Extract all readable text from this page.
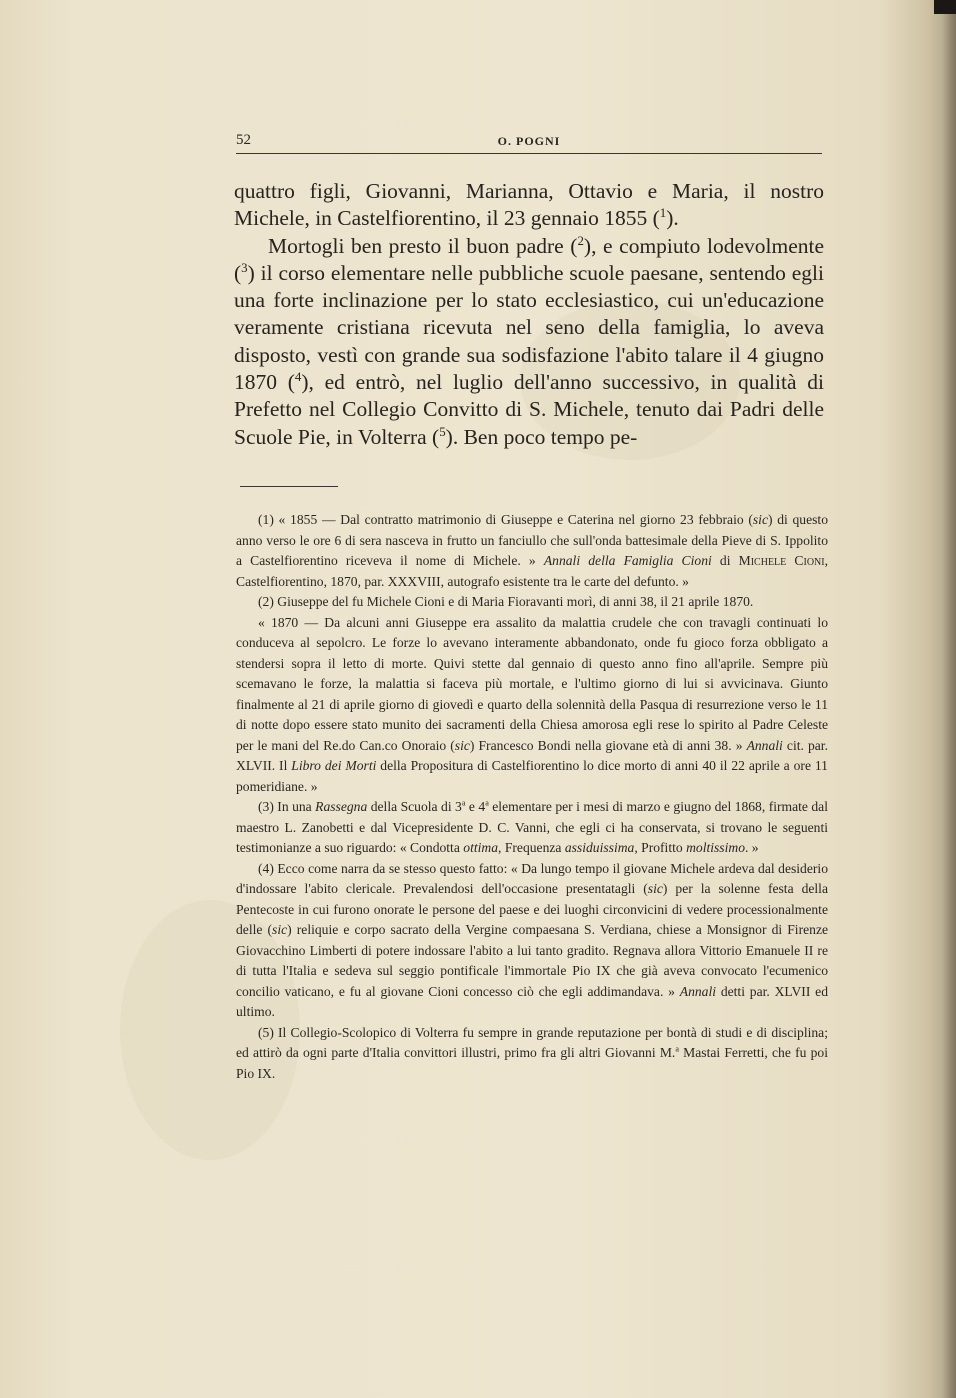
52	O. POGNI

quattro figli, Giovanni, Marianna, Ottavio e Maria, il nostro Michele, in Castelfiorentino, il 23 gennaio 1855 ($^1$).

Mortogli ben presto il buon padre ($^2$), e compiuto lodevolmente ($^3$) il corso elementare nelle pubbliche scuole paesane, sentendo egli una forte inclinazione per lo stato ecclesiastico, cui un'educazione veramente cristiana ricevuta nel seno della famiglia, lo aveva disposto, vestì con grande sua sodisfazione l'abito talare il 4 giugno 1870 ($^4$), ed entrò, nel luglio dell'anno successivo, in qualità di Prefetto nel Collegio Convitto di S. Michele, tenuto dai Padri delle Scuole Pie, in Volterra ($^5$). Ben poco tempo pe-

(1) « 1855 — Dal contratto matrimonio di Giuseppe e Caterina nel giorno 23 febbraio (sic) di questo anno verso le ore 6 di sera nasceva in frutto un fanciullo che sull'onda battesimale della Pieve di S. Ippolito a Castelfiorentino riceveva il nome di Michele. » Annali della Famiglia Cioni di Michele Cioni, Castelfiorentino, 1870, par. XXXVIII, autografo esistente tra le carte del defunto. »

(2) Giuseppe del fu Michele Cioni e di Maria Fioravanti morì, di anni 38, il 21 aprile 1870.

« 1870 — Da alcuni anni Giuseppe era assalito da malattia crudele che con travagli continuati lo conduceva al sepolcro. Le forze lo avevano interamente abbandonato, onde fu gioco forza obbligato a stendersi sopra il letto di morte. Quivi stette dal gennaio di questo anno fino all'aprile. Sempre più scemavano le forze, la malattia si faceva più mortale, e l'ultimo giorno di lui si avvicinava. Giunto finalmente al 21 di aprile giorno di giovedì e quarto della solennità della Pasqua di resurrezione verso le 11 di notte dopo essere stato munito dei sacramenti della Chiesa amorosa egli rese lo spirito al Padre Celeste per le mani del Re.do Can.co Onoraio (sic) Francesco Bondi nella giovane età di anni 38. » Annali cit. par. XLVII. Il Libro dei Morti della Propositura di Castelfiorentino lo dice morto di anni 40 il 22 aprile a ore 11 pomeridiane. »

(3) In una Rassegna della Scuola di 3$^a$ e 4$^a$ elementare per i mesi di marzo e giugno del 1868, firmate dal maestro L. Zanobetti e dal Vicepresidente D. C. Vanni, che egli ci ha conservata, si trovano le seguenti testimonianze a suo riguardo: « Condotta ottima, Frequenza assiduissima, Profitto moltissimo. »

(4) Ecco come narra da se stesso questo fatto: « Da lungo tempo il giovane Michele ardeva dal desiderio d'indossare l'abito clericale. Prevalendosi dell'occasione presentatagli (sic) per la solenne festa della Pentecoste in cui furono onorate le persone del paese e dei luoghi circonvicini di vedere processionalmente delle (sic) reliquie e corpo sacrato della Vergine compaesana S. Verdiana, chiese a Monsignor di Firenze Giovacchino Limberti di potere indossare l'abito a lui tanto gradito. Regnava allora Vittorio Emanuele II re di tutta l'Italia e sedeva sul seggio pontificale l'immortale Pio IX che già aveva convocato l'ecumenico concilio vaticano, e fu al giovane Cioni concesso ciò che egli addimandava. » Annali detti par. XLVII ed ultimo.

(5) Il Collegio-Scolopico di Volterra fu sempre in grande reputazione per bontà di studi e di disciplina; ed attirò da ogni parte d'Italia convittori illustri, primo fra gli altri Giovanni M.$^a$ Mastai Ferretti, che fu poi Pio IX.
